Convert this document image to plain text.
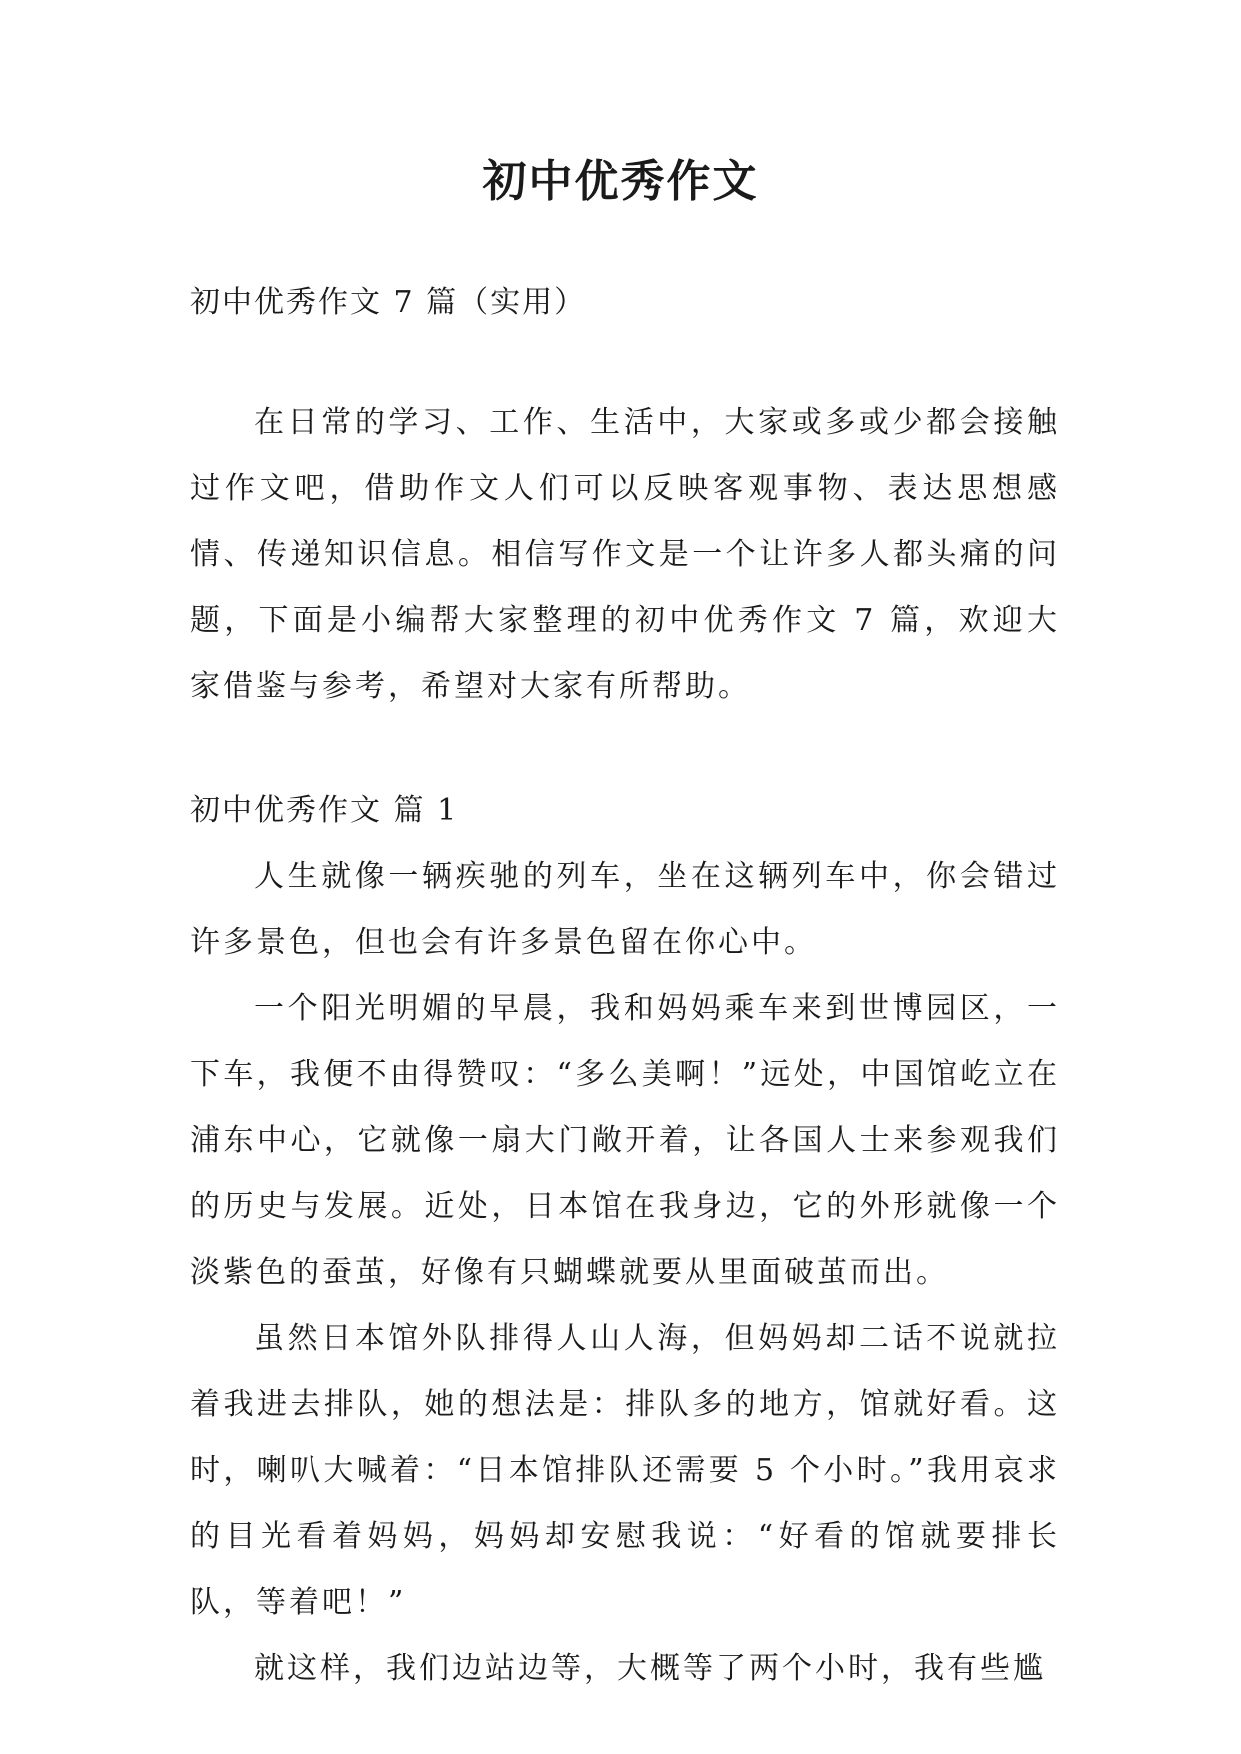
初中优秀作文

初中优秀作文 7 篇（实用）

在日常的学习、工作、生活中，大家或多或少都会接触过作文吧，借助作文人们可以反映客观事物、表达思想感情、传递知识信息。相信写作文是一个让许多人都头痛的问题，下面是小编帮大家整理的初中优秀作文 7 篇，欢迎大家借鉴与参考，希望对大家有所帮助。

初中优秀作文 篇 1

人生就像一辆疾驰的列车，坐在这辆列车中，你会错过许多景色，但也会有许多景色留在你心中。

一个阳光明媚的早晨，我和妈妈乘车来到世博园区，一下车，我便不由得赞叹：“多么美啊！”远处，中国馆屹立在浦东中心，它就像一扇大门敞开着，让各国人士来参观我们的历史与发展。近处，日本馆在我身边，它的外形就像一个淡紫色的蚕茧，好像有只蝴蝶就要从里面破茧而出。

虽然日本馆外队排得人山人海，但妈妈却二话不说就拉着我进去排队，她的想法是：排队多的地方，馆就好看。这时，喇叭大喊着：“日本馆排队还需要 5 个小时。”我用哀求的目光看着妈妈，妈妈却安慰我说：“好看的馆就要排长队，等着吧！”

就这样，我们边站边等，大概等了两个小时，我有些尴
